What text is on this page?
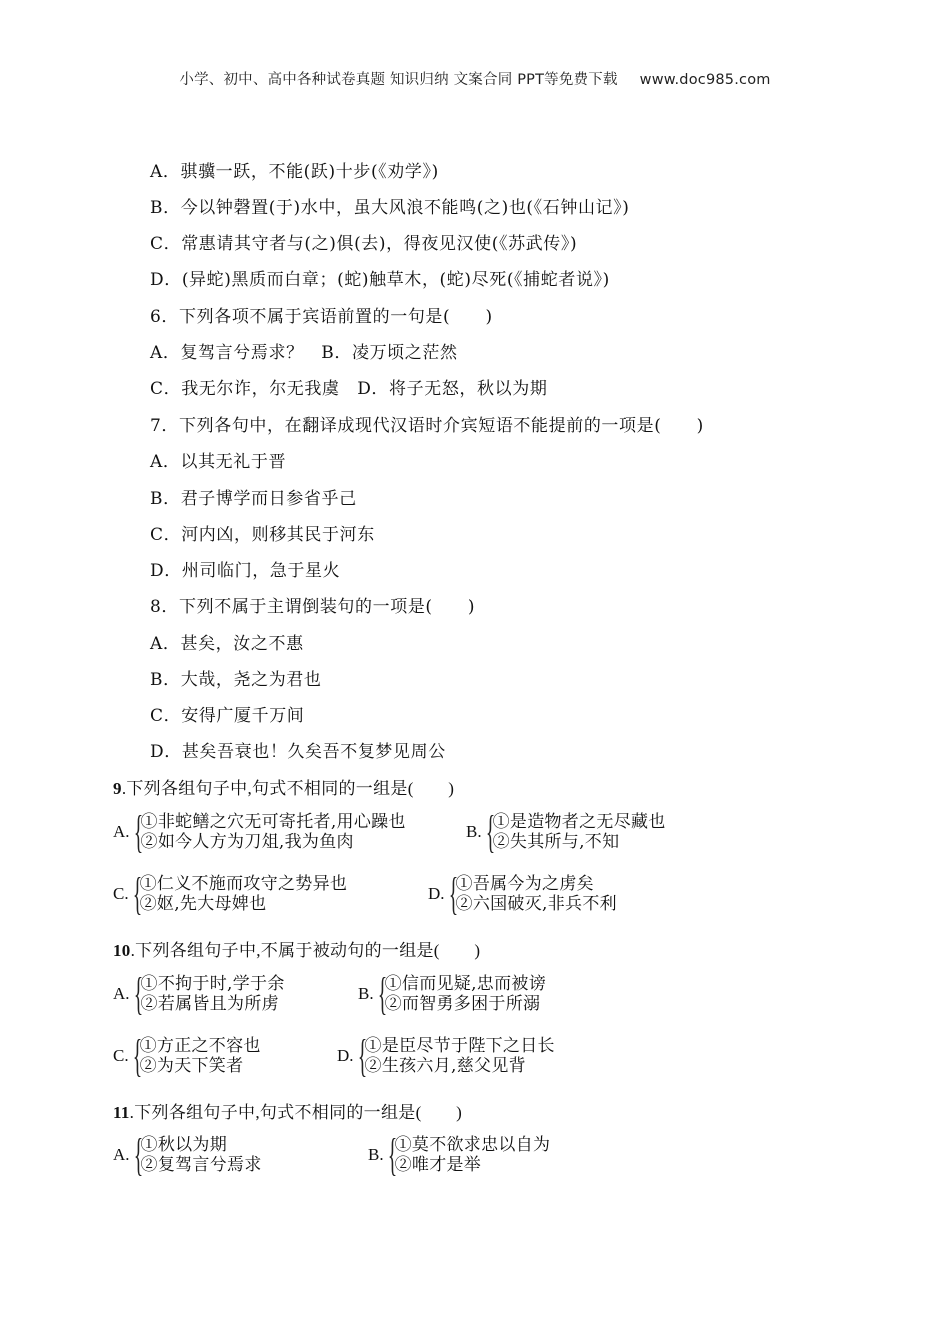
小学、初中、高中各种试卷真题 知识归纳 文案合同 PPT等免费下载 www.doc985.com
A．骐骥一跃，不能(跃)十步(《劝学》)
B．今以钟磬置(于)水中，虽大风浪不能鸣(之)也(《石钟山记》)
C．常惠请其守者与(之)俱(去)，得夜见汉使(《苏武传》)
D．(异蛇)黑质而白章；(蛇)触草木，(蛇)尽死(《捕蛇者说》)
6．下列各项不属于宾语前置的一句是(　　)
A．复驾言兮焉求？　B．凌万顷之茫然
C．我无尔诈，尔无我虞　D．将子无怒，秋以为期
7．下列各句中，在翻译成现代汉语时介宾短语不能提前的一项是(　　)
A．以其无礼于晋
B．君子博学而日参省乎己
C．河内凶，则移其民于河东
D．州司临门，急于星火
8．下列不属于主谓倒装句的一项是(　　)
A．甚矣，汝之不惠
B．大哉，尧之为君也
C．安得广厦千万间
D．甚矣吾衰也！久矣吾不复梦见周公
9.下列各组句子中,句式不相同的一组是(　　)
A. {
①非蛇鳝之穴无可寄托者,用心躁也
②如今人方为刀俎,我为鱼肉
B. {
①是造物者之无尽藏也
②失其所与,不知
C. {
①仁义不施而攻守之势异也
②妪,先大母婢也
D. {
①吾属今为之虏矣
②六国破灭,非兵不利
10.下列各组句子中,不属于被动句的一组是(　　)
A. {
①不拘于时,学于余
②若属皆且为所虏
B. {
①信而见疑,忠而被谤
②而智勇多困于所溺
C. {
①方正之不容也
②为天下笑者
D. {
①是臣尽节于陛下之日长
②生孩六月,慈父见背
11.下列各组句子中,句式不相同的一组是(　　)
A. {
①秋以为期
②复驾言兮焉求
B. {
①莫不欲求忠以自为
②唯才是举
